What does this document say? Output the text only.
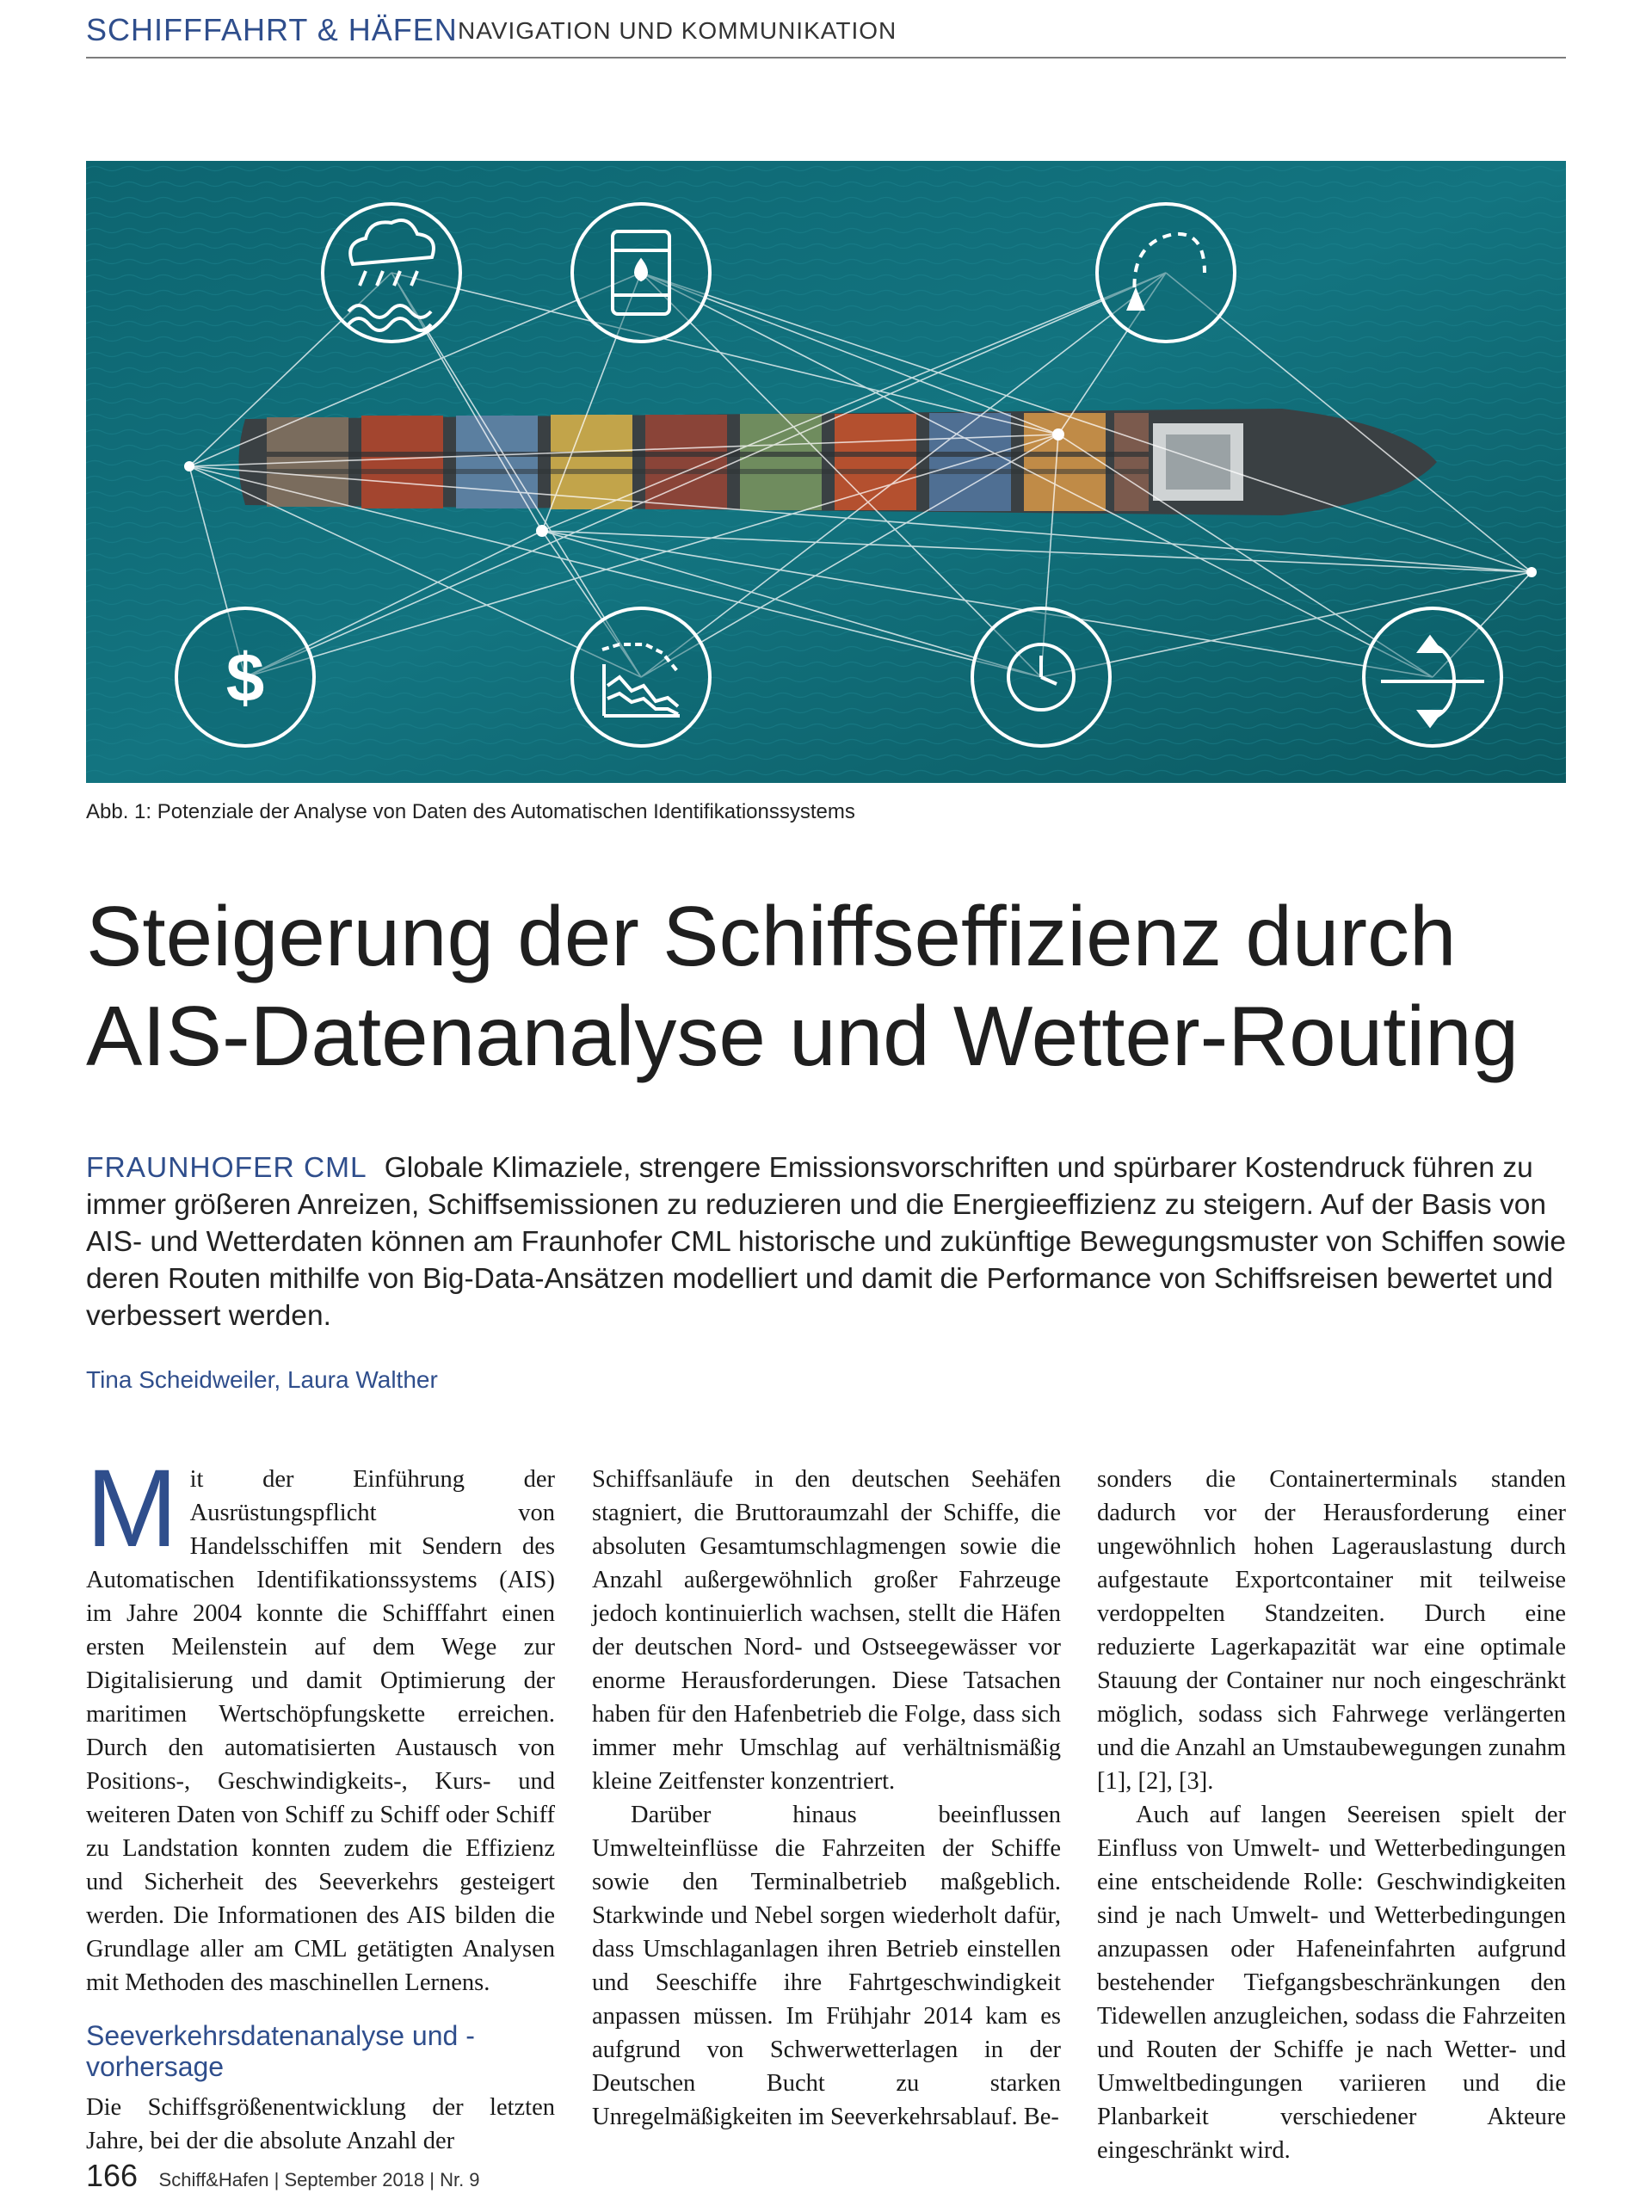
SCHIFFFAHRT & HÄFEN NAVIGATION UND KOMMUNIKATION
$
Abb. 1: Potenziale der Analyse von Daten des Automatischen Identifikationssystems
Steigerung der Schiffseffizienz durch AIS-Datenanalyse und Wetter-Routing

FRAUNHOFER CML Globale Klimaziele, strengere Emissionsvorschriften und spürbarer Kostendruck führen zu immer größeren Anreizen, Schiffsemissionen zu reduzieren und die Energieeffizienz zu steigern. Auf der Basis von AIS- und Wetterdaten können am Fraunhofer CML historische und zukünftige Bewegungsmuster von Schiffen sowie deren Routen mithilfe von Big-Data-Ansätzen modelliert und damit die Performance von Schiffsreisen bewertet und verbessert werden.

Tina Scheidweiler, Laura Walther

Mit der Einführung der Ausrüstungspflicht von Handelsschiffen mit Sendern des Automatischen Identifikationssystems (AIS) im Jahre 2004 konnte die Schifffahrt einen ersten Meilenstein auf dem Wege zur Digitalisierung und damit Optimierung der maritimen Wertschöpfungskette erreichen. Durch den automatisierten Austausch von Positions-, Geschwindigkeits-, Kurs- und weiteren Daten von Schiff zu Schiff oder Schiff zu Landstation konnten zudem die Effizienz und Sicherheit des Seeverkehrs gesteigert werden. Die Informationen des AIS bilden die Grundlage aller am CML getätigten Analysen mit Methoden des maschinellen Lernens.

Seeverkehrsdatenanalyse und -vorhersage

Die Schiffsgrößenentwicklung der letzten Jahre, bei der die absolute Anzahl der

Schiffsanläufe in den deutschen Seehäfen stagniert, die Bruttoraumzahl der Schiffe, die absoluten Gesamtumschlagmengen sowie die Anzahl außergewöhnlich großer Fahrzeuge jedoch kontinuierlich wachsen, stellt die Häfen der deutschen Nord- und Ostseegewässer vor enorme Herausforderungen. Diese Tatsachen haben für den Hafenbetrieb die Folge, dass sich immer mehr Umschlag auf verhältnismäßig kleine Zeitfenster konzentriert.

Darüber hinaus beeinflussen Umwelteinflüsse die Fahrzeiten der Schiffe sowie den Terminalbetrieb maßgeblich. Starkwinde und Nebel sorgen wiederholt dafür, dass Umschlaganlagen ihren Betrieb einstellen und Seeschiffe ihre Fahrtgeschwindigkeit anpassen müssen. Im Frühjahr 2014 kam es aufgrund von Schwerwetterlagen in der Deutschen Bucht zu starken Unregelmäßigkeiten im Seeverkehrsablauf. Be-

sonders die Containerterminals standen dadurch vor der Herausforderung einer ungewöhnlich hohen Lagerauslastung durch aufgestaute Exportcontainer mit teilweise verdoppelten Standzeiten. Durch eine reduzierte Lagerkapazität war eine optimale Stauung der Container nur noch eingeschränkt möglich, sodass sich Fahrwege verlängerten und die Anzahl an Umstaubewegungen zunahm [1], [2], [3].

Auch auf langen Seereisen spielt der Einfluss von Umwelt- und Wetterbedingungen eine entscheidende Rolle: Geschwindigkeiten sind je nach Umwelt- und Wetterbedingungen anzupassen oder Hafeneinfahrten aufgrund bestehender Tiefgangsbeschränkungen den Tidewellen anzugleichen, sodass die Fahrzeiten und Routen der Schiffe je nach Wetter- und Umweltbedingungen variieren und die Planbarkeit verschiedener Akteure eingeschränkt wird.

166 Schiff&Hafen | September 2018 | Nr. 9
